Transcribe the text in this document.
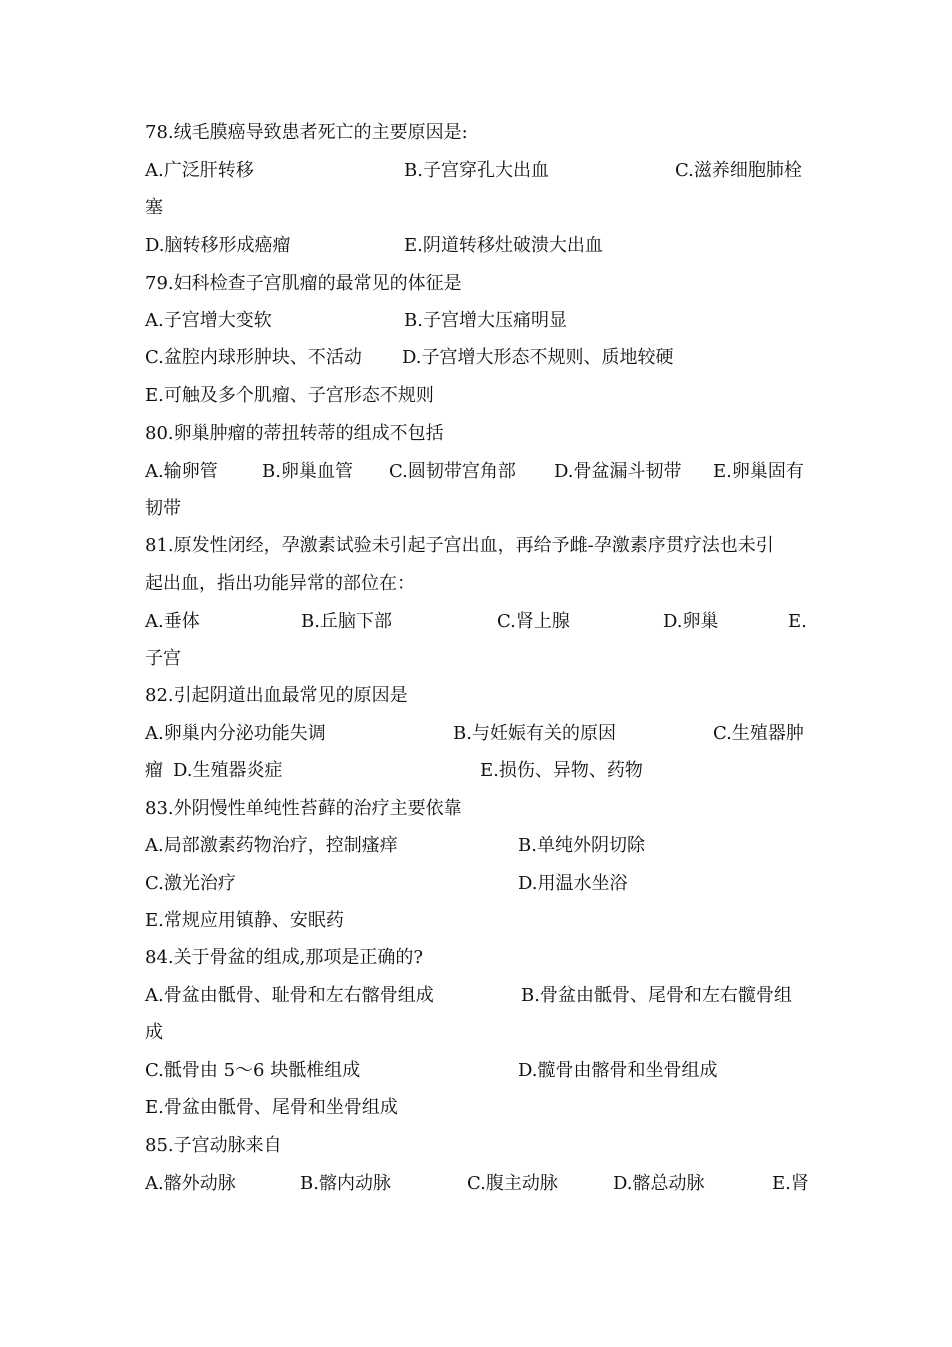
78.绒毛膜癌导致患者死亡的主要原因是:
A.广泛肝转移	B.子宫穿孔大出血	C.滋养细胞肺栓
塞
D.脑转移形成癌瘤	E.阴道转移灶破溃大出血
79.妇科检查子宫肌瘤的最常见的体征是
A.子宫增大变软	B.子宫增大压痛明显
C.盆腔内球形肿块、不活动 D.子宫增大形态不规则、质地较硬
E.可触及多个肌瘤、子宫形态不规则
80.卵巢肿瘤的蒂扭转蒂的组成不包括
A.输卵管 B.卵巢血管 C.圆韧带宫角部 D.骨盆漏斗韧带 E.卵巢固有
韧带
81.原发性闭经，孕激素试验未引起子宫出血，再给予雌-孕激素序贯疗法也未引
起出血，指出功能异常的部位在：
A.垂体	B.丘脑下部	C.肾上腺	D.卵巢	E.
子宫
82.引起阴道出血最常见的原因是
A.卵巢内分泌功能失调	B.与妊娠有关的原因	C.生殖器肿
瘤 D.生殖器炎症	E.损伤、异物、药物
83.外阴慢性单纯性苔藓的治疗主要依靠
A.局部激素药物治疗，控制瘙痒	B.单纯外阴切除
C.激光治疗	D.用温水坐浴
E.常规应用镇静、安眠药
84.关于骨盆的组成,那项是正确的?
A.骨盆由骶骨、耻骨和左右髂骨组成	B.骨盆由骶骨、尾骨和左右髋骨组
成
C.骶骨由 5～6 块骶椎组成	D.髋骨由髂骨和坐骨组成
E.骨盆由骶骨、尾骨和坐骨组成
85.子宫动脉来自
A.髂外动脉	B.髂内动脉	C.腹主动脉	D.髂总动脉	E.肾
